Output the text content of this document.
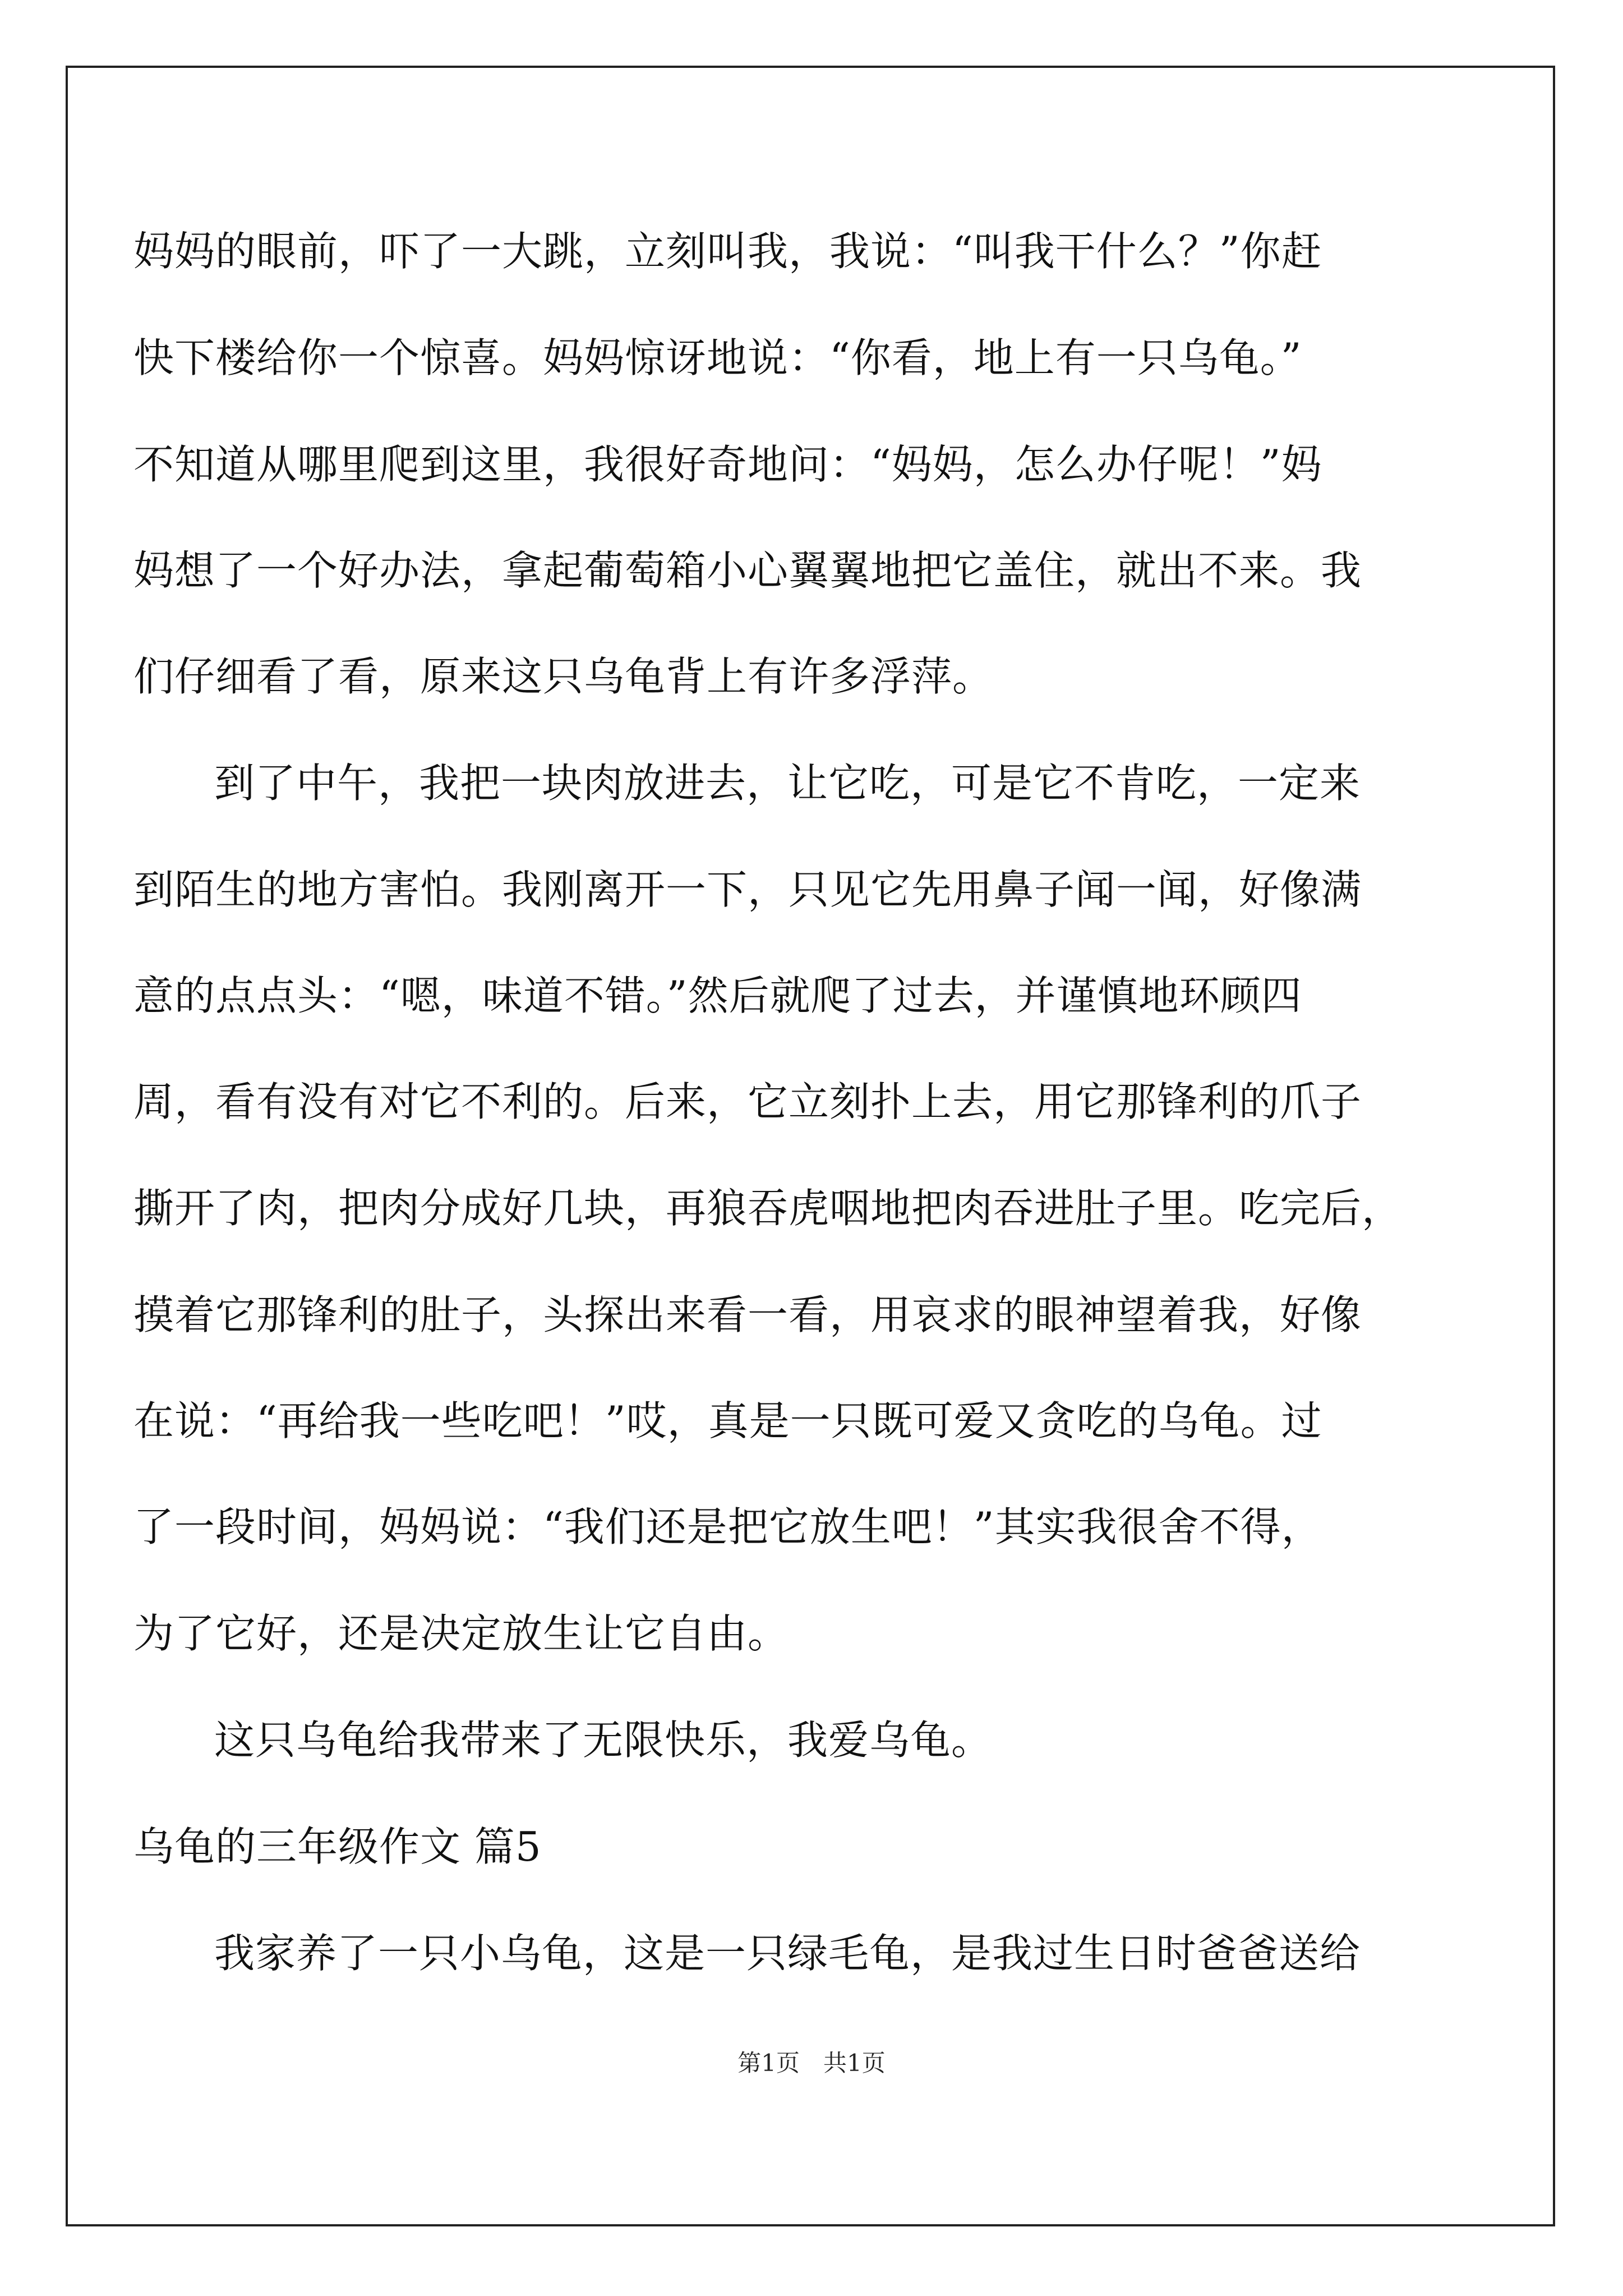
妈妈的眼前，吓了一大跳，立刻叫我，我说：“叫我干什么？”你赶
快下楼给你一个惊喜。妈妈惊讶地说：“你看，地上有一只乌龟。”
不知道从哪里爬到这里，我很好奇地问：“妈妈，怎么办仔呢！”妈
妈想了一个好办法，拿起葡萄箱小心翼翼地把它盖住，就出不来。我
们仔细看了看，原来这只乌龟背上有许多浮萍。
到了中午，我把一块肉放进去，让它吃，可是它不肯吃，一定来
到陌生的地方害怕。我刚离开一下，只见它先用鼻子闻一闻，好像满
意的点点头：“嗯，味道不错。”然后就爬了过去，并谨慎地环顾四
周，看有没有对它不利的。后来，它立刻扑上去，用它那锋利的爪子
撕开了肉，把肉分成好几块，再狼吞虎咽地把肉吞进肚子里。吃完后，
摸着它那锋利的肚子，头探出来看一看，用哀求的眼神望着我，好像
在说：“再给我一些吃吧！”哎，真是一只既可爱又贪吃的乌龟。过
了一段时间，妈妈说：“我们还是把它放生吧！”其实我很舍不得，
为了它好，还是决定放生让它自由。
这只乌龟给我带来了无限快乐，我爱乌龟。
乌龟的三年级作文 篇5
我家养了一只小乌龟，这是一只绿毛龟，是我过生日时爸爸送给
第1页　共1页
